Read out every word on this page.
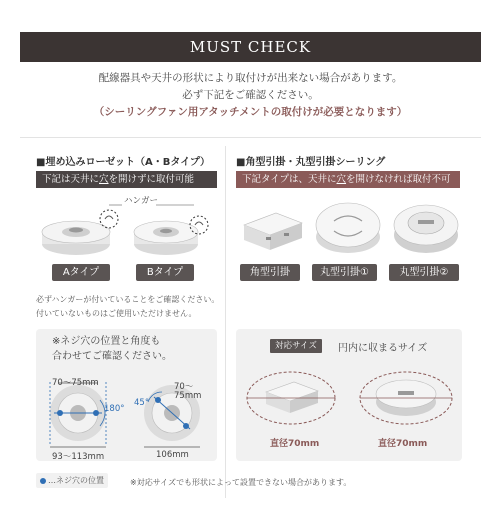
MUST CHECK
配線器具や天井の形状により取付けが出来ない場合があります。
必ず下記をご確認ください。
（シーリングファン用アタッチメントの取付けが必要となります）
■埋め込みローゼット（A・Bタイプ）
下記は天井に穴を開けずに取付可能
ハンガー
Aタイプ	Bタイプ
必ずハンガーが付いていることをご確認ください。
付いていないものはご使用いただけません。
■角型引掛・丸型引掛シーリング
下記タイプは、天井に穴を開けなければ取付不可
角型引掛	丸型引掛①	丸型引掛②
※ネジ穴の位置と角度も
合わせてご確認ください。
70～75mm
180°
93～113mm
45°
70～
75mm
106mm
対応サイズ	円内に収まるサイズ
直径70mm	直径70mm
…ネジ穴の位置	※対応サイズでも形状によって設置できない場合があります。
